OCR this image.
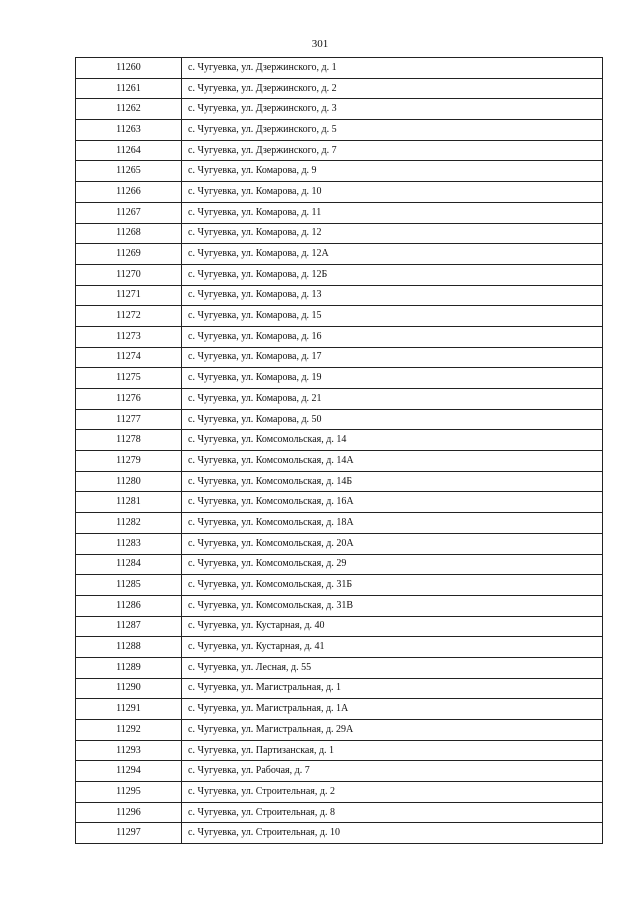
301
11260	с. Чугуевка, ул. Дзержинского, д. 1
11261	с. Чугуевка, ул. Дзержинского, д. 2
11262	с. Чугуевка, ул. Дзержинского, д. 3
11263	с. Чугуевка, ул. Дзержинского, д. 5
11264	с. Чугуевка, ул. Дзержинского, д. 7
11265	с. Чугуевка, ул. Комарова, д. 9
11266	с. Чугуевка, ул. Комарова, д. 10
11267	с. Чугуевка, ул. Комарова, д. 11
11268	с. Чугуевка, ул. Комарова, д. 12
11269	с. Чугуевка, ул. Комарова, д. 12А
11270	с. Чугуевка, ул. Комарова, д. 12Б
11271	с. Чугуевка, ул. Комарова, д. 13
11272	с. Чугуевка, ул. Комарова, д. 15
11273	с. Чугуевка, ул. Комарова, д. 16
11274	с. Чугуевка, ул. Комарова, д. 17
11275	с. Чугуевка, ул. Комарова, д. 19
11276	с. Чугуевка, ул. Комарова, д. 21
11277	с. Чугуевка, ул. Комарова, д. 50
11278	с. Чугуевка, ул. Комсомольская, д. 14
11279	с. Чугуевка, ул. Комсомольская, д. 14А
11280	с. Чугуевка, ул. Комсомольская, д. 14Б
11281	с. Чугуевка, ул. Комсомольская, д. 16А
11282	с. Чугуевка, ул. Комсомольская, д. 18А
11283	с. Чугуевка, ул. Комсомольская, д. 20А
11284	с. Чугуевка, ул. Комсомольская, д. 29
11285	с. Чугуевка, ул. Комсомольская, д. 31Б
11286	с. Чугуевка, ул. Комсомольская, д. 31В
11287	с. Чугуевка, ул. Кустарная, д. 40
11288	с. Чугуевка, ул. Кустарная, д. 41
11289	с. Чугуевка, ул. Лесная, д. 55
11290	с. Чугуевка, ул. Магистральная, д. 1
11291	с. Чугуевка, ул. Магистральная, д. 1А
11292	с. Чугуевка, ул. Магистральная, д. 29А
11293	с. Чугуевка, ул. Партизанская, д. 1
11294	с. Чугуевка, ул. Рабочая, д. 7
11295	с. Чугуевка, ул. Строительная, д. 2
11296	с. Чугуевка, ул. Строительная, д. 8
11297	с. Чугуевка, ул. Строительная, д. 10
